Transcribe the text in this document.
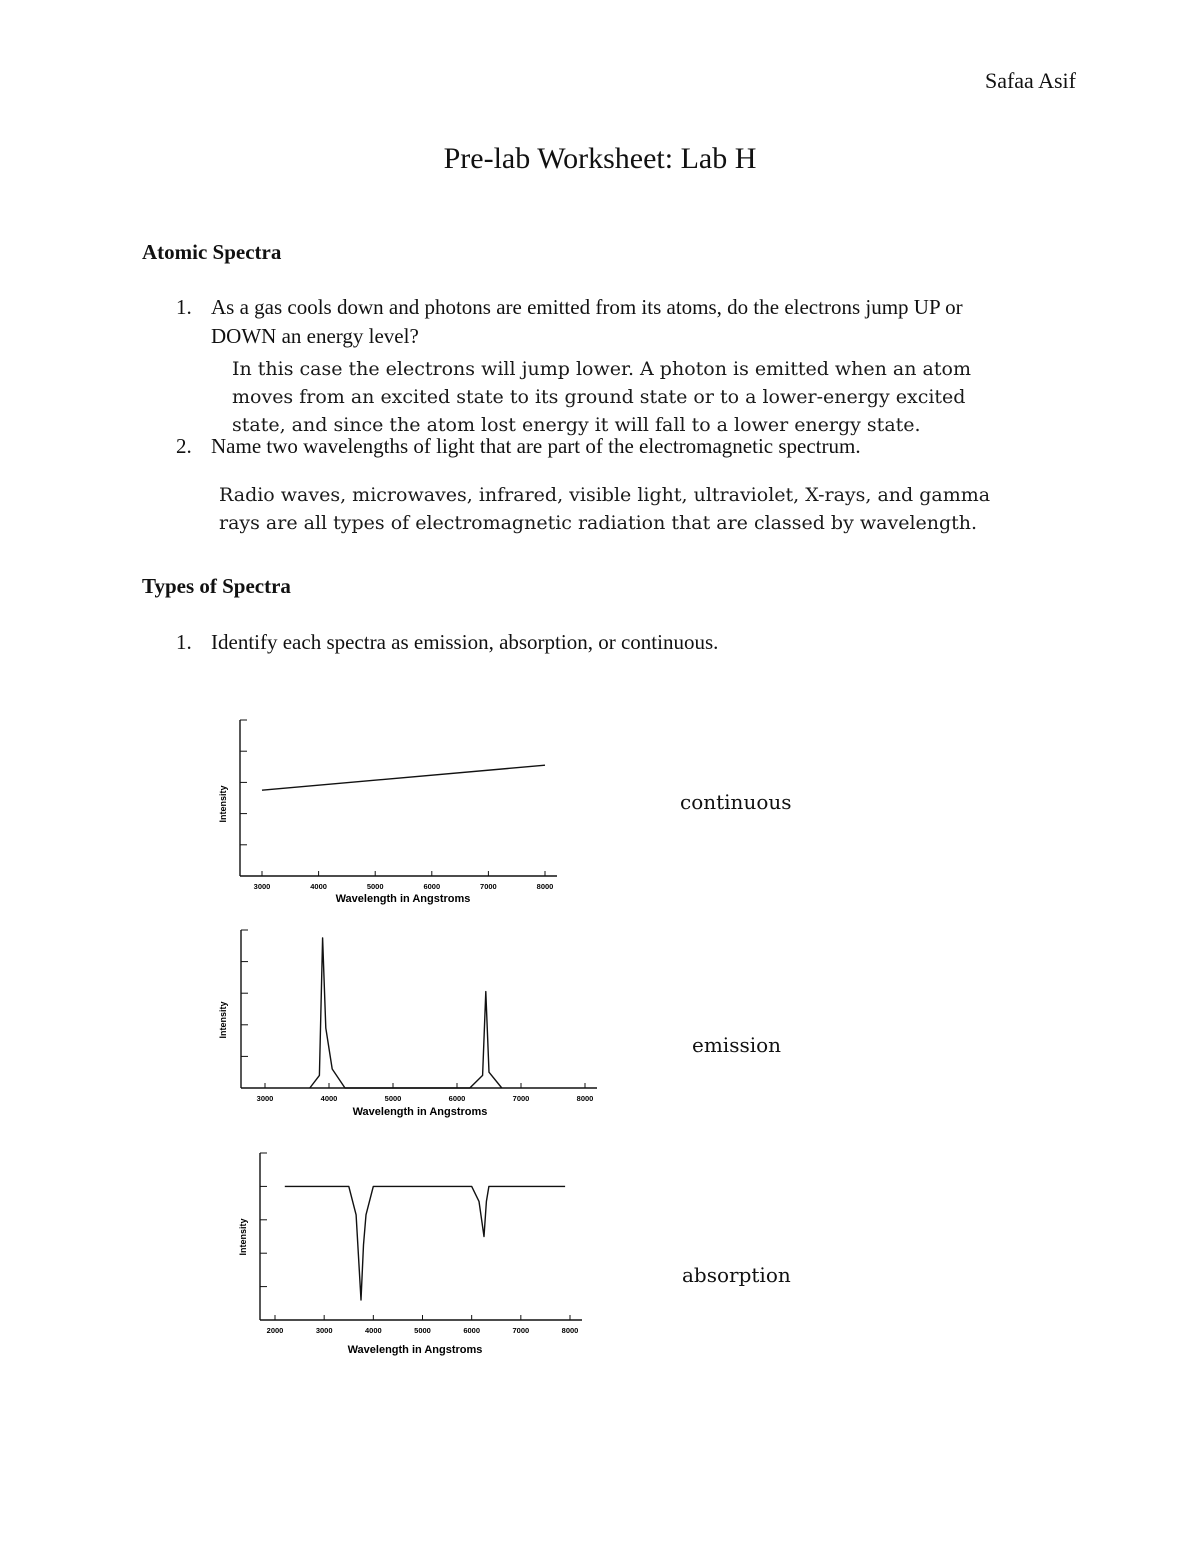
Safaa Asif
Pre-lab Worksheet: Lab H
Atomic Spectra
1. As a gas cools down and photons are emitted from its atoms, do the electrons jump UP or
DOWN an energy level?
In this case the electrons will jump lower. A photon is emitted when an atom
moves from an excited state to its ground state or to a lower-energy excited
state, and since the atom lost energy it will fall to a lower energy state.
2. Name two wavelengths of light that are part of the electromagnetic spectrum.
Radio waves, microwaves, infrared, visible light, ultraviolet, X-rays, and gamma
rays are all types of electromagnetic radiation that are classed by wavelength.
Types of Spectra
1. Identify each spectra as emission, absorption, or continuous.
Intensity
Wavelength in Angstroms
3000	4000	5000	6000	7000	8000
continuous
Intensity
Wavelength in Angstroms
3000	4000	5000	6000	7000	8000
emission
Intensity
Wavelength in Angstroms
2000	3000	4000	5000	6000	7000	8000
absorption
